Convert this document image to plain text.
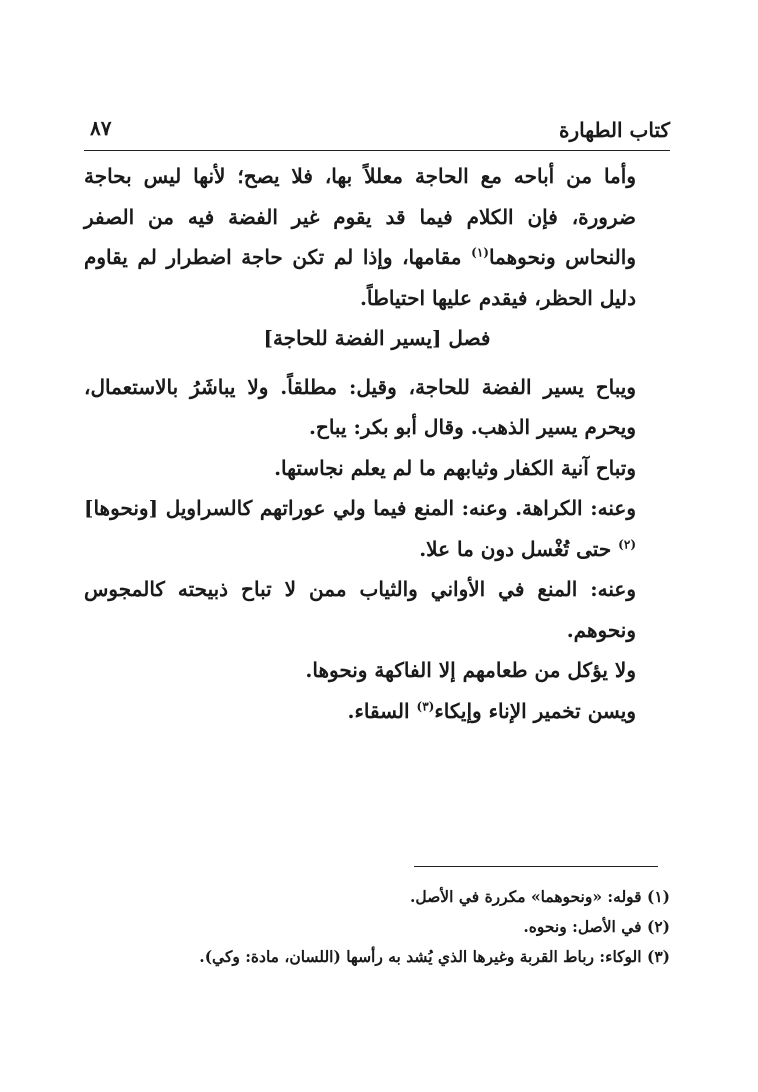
كتاب الطهارة
٨٧

وأما من أباحه مع الحاجة معللاً بها، فلا يصح؛ لأنها ليس بحاجة ضرورة، فإن الكلام فيما قد يقوم غير الفضة فيه من الصفر والنحاس ونحوهما$^{(١)}$ مقامها، وإذا لم تكن حاجة اضطرار لم يقاوم دليل الحظر، فيقدم عليها احتياطاً.

فصل [يسير الفضة للحاجة]

ويباح يسير الفضة للحاجة، وقيل: مطلقاً. ولا يباشَرُ بالاستعمال، ويحرم يسير الذهب. وقال أبو بكر: يباح.

وتباح آنية الكفار وثيابهم ما لم يعلم نجاستها.

وعنه: الكراهة. وعنه: المنع فيما ولي عوراتهم كالسراويل [ونحوها]$^{(٢)}$ حتى تُغْسل دون ما علا.

وعنه: المنع في الأواني والثياب ممن لا تباح ذبيحته كالمجوس ونحوهم.

ولا يؤكل من طعامهم إلا الفاكهة ونحوها.

ويسن تخمير الإناء وإيكاء$^{(٣)}$ السقاء.

(١) قوله: «ونحوهما» مكررة في الأصل.

(٢) في الأصل: ونحوه.

(٣) الوكاء: رباط القربة وغيرها الذي يُشد به رأسها (اللسان، مادة: وكي).
